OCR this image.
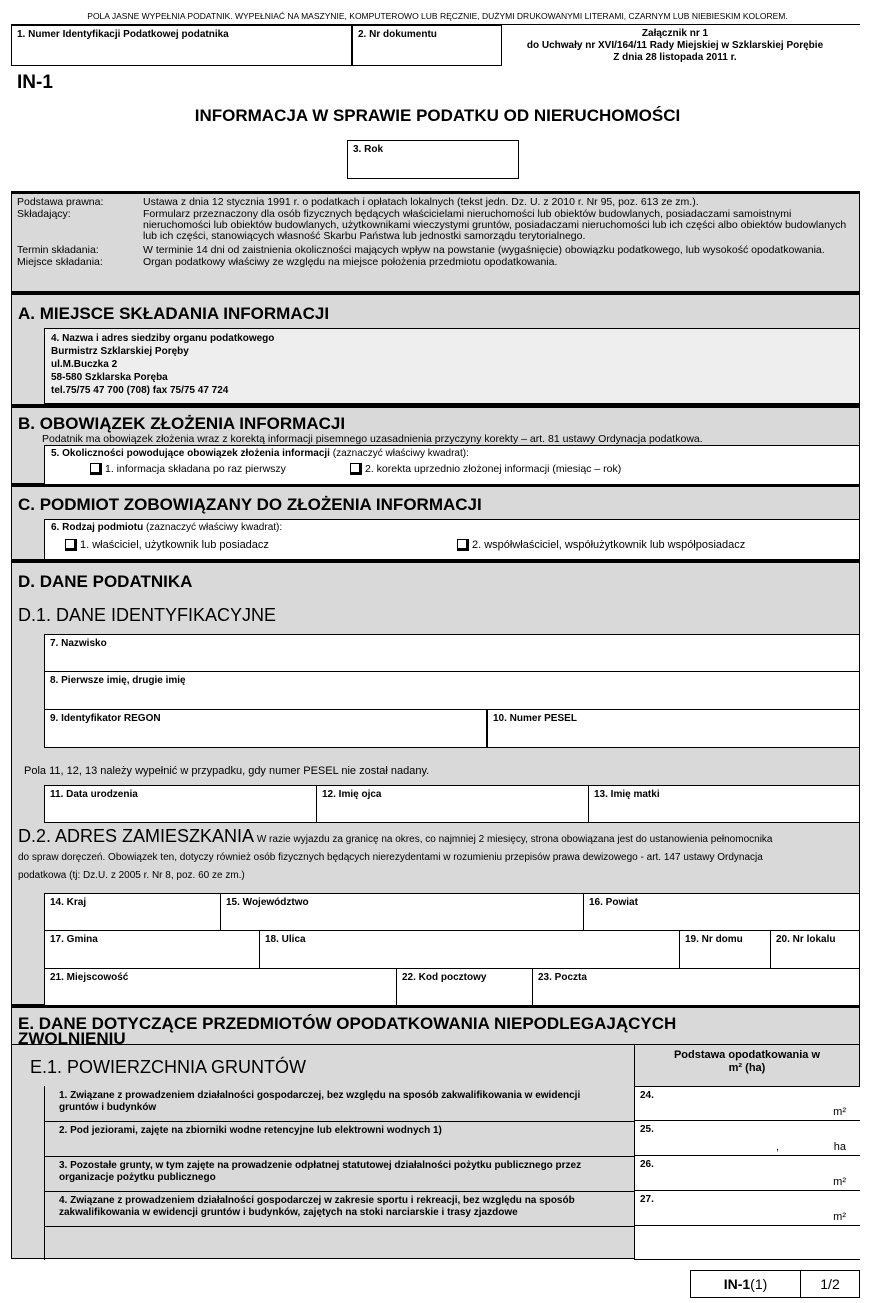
POLA JASNE WYPEŁNIA PODATNIK. WYPEŁNIAĆ NA MASZYNIE, KOMPUTEROWO LUB RĘCZNIE, DUŻYMI DRUKOWANYMI LITERAMI, CZARNYM LUB NIEBIESKIM KOLOREM.
1. Numer Identyfikacji Podatkowej podatnika	2. Nr dokumentu	Załącznik nr 1
do Uchwały nr XVI/164/11 Rady Miejskiej w Szklarskiej Porębie
Z dnia 28 listopada 2011 r.
IN-1
INFORMACJA W SPRAWIE PODATKU OD NIERUCHOMOŚCI
3. Rok
Podstawa prawna:	Ustawa z dnia 12 stycznia 1991 r. o podatkach i opłatach lokalnych (tekst jedn. Dz. U. z 2010 r. Nr 95, poz. 613 ze zm.).
Składający:	Formularz przeznaczony dla osób fizycznych będących właścicielami nieruchomości lub obiektów budowlanych, posiadaczami samoistnymi nieruchomości lub obiektów budowlanych, użytkownikami wieczystymi gruntów, posiadaczami nieruchomości lub ich części albo obiektów budowlanych lub ich części, stanowiących własność Skarbu Państwa lub jednostki samorządu terytorialnego.
Termin składania:	W terminie 14 dni od zaistnienia okoliczności mających wpływ na powstanie (wygaśnięcie) obowiązku podatkowego, lub wysokość opodatkowania.
Miejsce składania:	Organ podatkowy właściwy ze względu na miejsce położenia przedmiotu opodatkowania.
A. MIEJSCE SKŁADANIA INFORMACJI
4. Nazwa i adres siedziby organu podatkowego
Burmistrz Szklarskiej Poręby
ul.M.Buczka 2
58-580 Szklarska Poręba
tel.75/75 47 700 (708) fax 75/75 47 724
B. OBOWIĄZEK ZŁOŻENIA INFORMACJI
Podatnik ma obowiązek złożenia wraz z korektą informacji pisemnego uzasadnienia przyczyny korekty – art. 81 ustawy Ordynacja podatkowa.
5. Okoliczności powodujące obowiązek złożenia informacji (zaznaczyć właściwy kwadrat):
1. informacja składana po raz pierwszy	2. korekta uprzednio złożonej informacji (miesiąc – rok)
C. PODMIOT ZOBOWIĄZANY DO ZŁOŻENIA INFORMACJI
6. Rodzaj podmiotu (zaznaczyć właściwy kwadrat):
1. właściciel, użytkownik lub posiadacz	2. współwłaściciel, współużytkownik lub współposiadacz
D. DANE PODATNIKA
D.1. DANE IDENTYFIKACYJNE
7. Nazwisko
8. Pierwsze imię, drugie imię
9. Identyfikator REGON	10. Numer PESEL
Pola 11, 12, 13 należy wypełnić w przypadku, gdy numer PESEL nie został nadany.
11. Data urodzenia	12. Imię ojca	13. Imię matki
D.2. ADRES ZAMIESZKANIA W razie wyjazdu za granicę na okres, co najmniej 2 miesięcy, strona obowiązana jest do ustanowienia pełnomocnika
do spraw doręczeń. Obowiązek ten, dotyczy również osób fizycznych będących nierezydentami w rozumieniu przepisów prawa dewizowego - art. 147 ustawy Ordynacja
podatkowa (tj: Dz.U. z 2005 r. Nr 8, poz. 60 ze zm.)
14. Kraj	15. Województwo	16. Powiat
17. Gmina	18. Ulica	19. Nr domu	20. Nr lokalu
21. Miejscowość	22. Kod pocztowy	23. Poczta
E. DANE DOTYCZĄCE PRZEDMIOTÓW OPODATKOWANIA NIEPODLEGAJĄCYCH
ZWOLNIENIU
E.1. POWIERZCHNIA GRUNTÓW
Podstawa opodatkowania w
m² (ha)
1. Związane z prowadzeniem działalności gospodarczej, bez względu na sposób zakwalifikowania w ewidencji gruntów i budynków
24.
m²
2. Pod jeziorami, zajęte na zbiorniki wodne retencyjne lub elektrowni wodnych 1)	25.
,	ha
3. Pozostałe grunty, w tym zajęte na prowadzenie odpłatnej statutowej działalności pożytku publicznego przez organizacje pożytku publicznego
26.
m²
4. Związane z prowadzeniem działalności gospodarczej w zakresie sportu i rekreacji, bez względu na sposób zakwalifikowania w ewidencji gruntów i budynków, zajętych na stoki narciarskie i trasy zjazdowe
27.
m²
IN-1(1)	1/2
